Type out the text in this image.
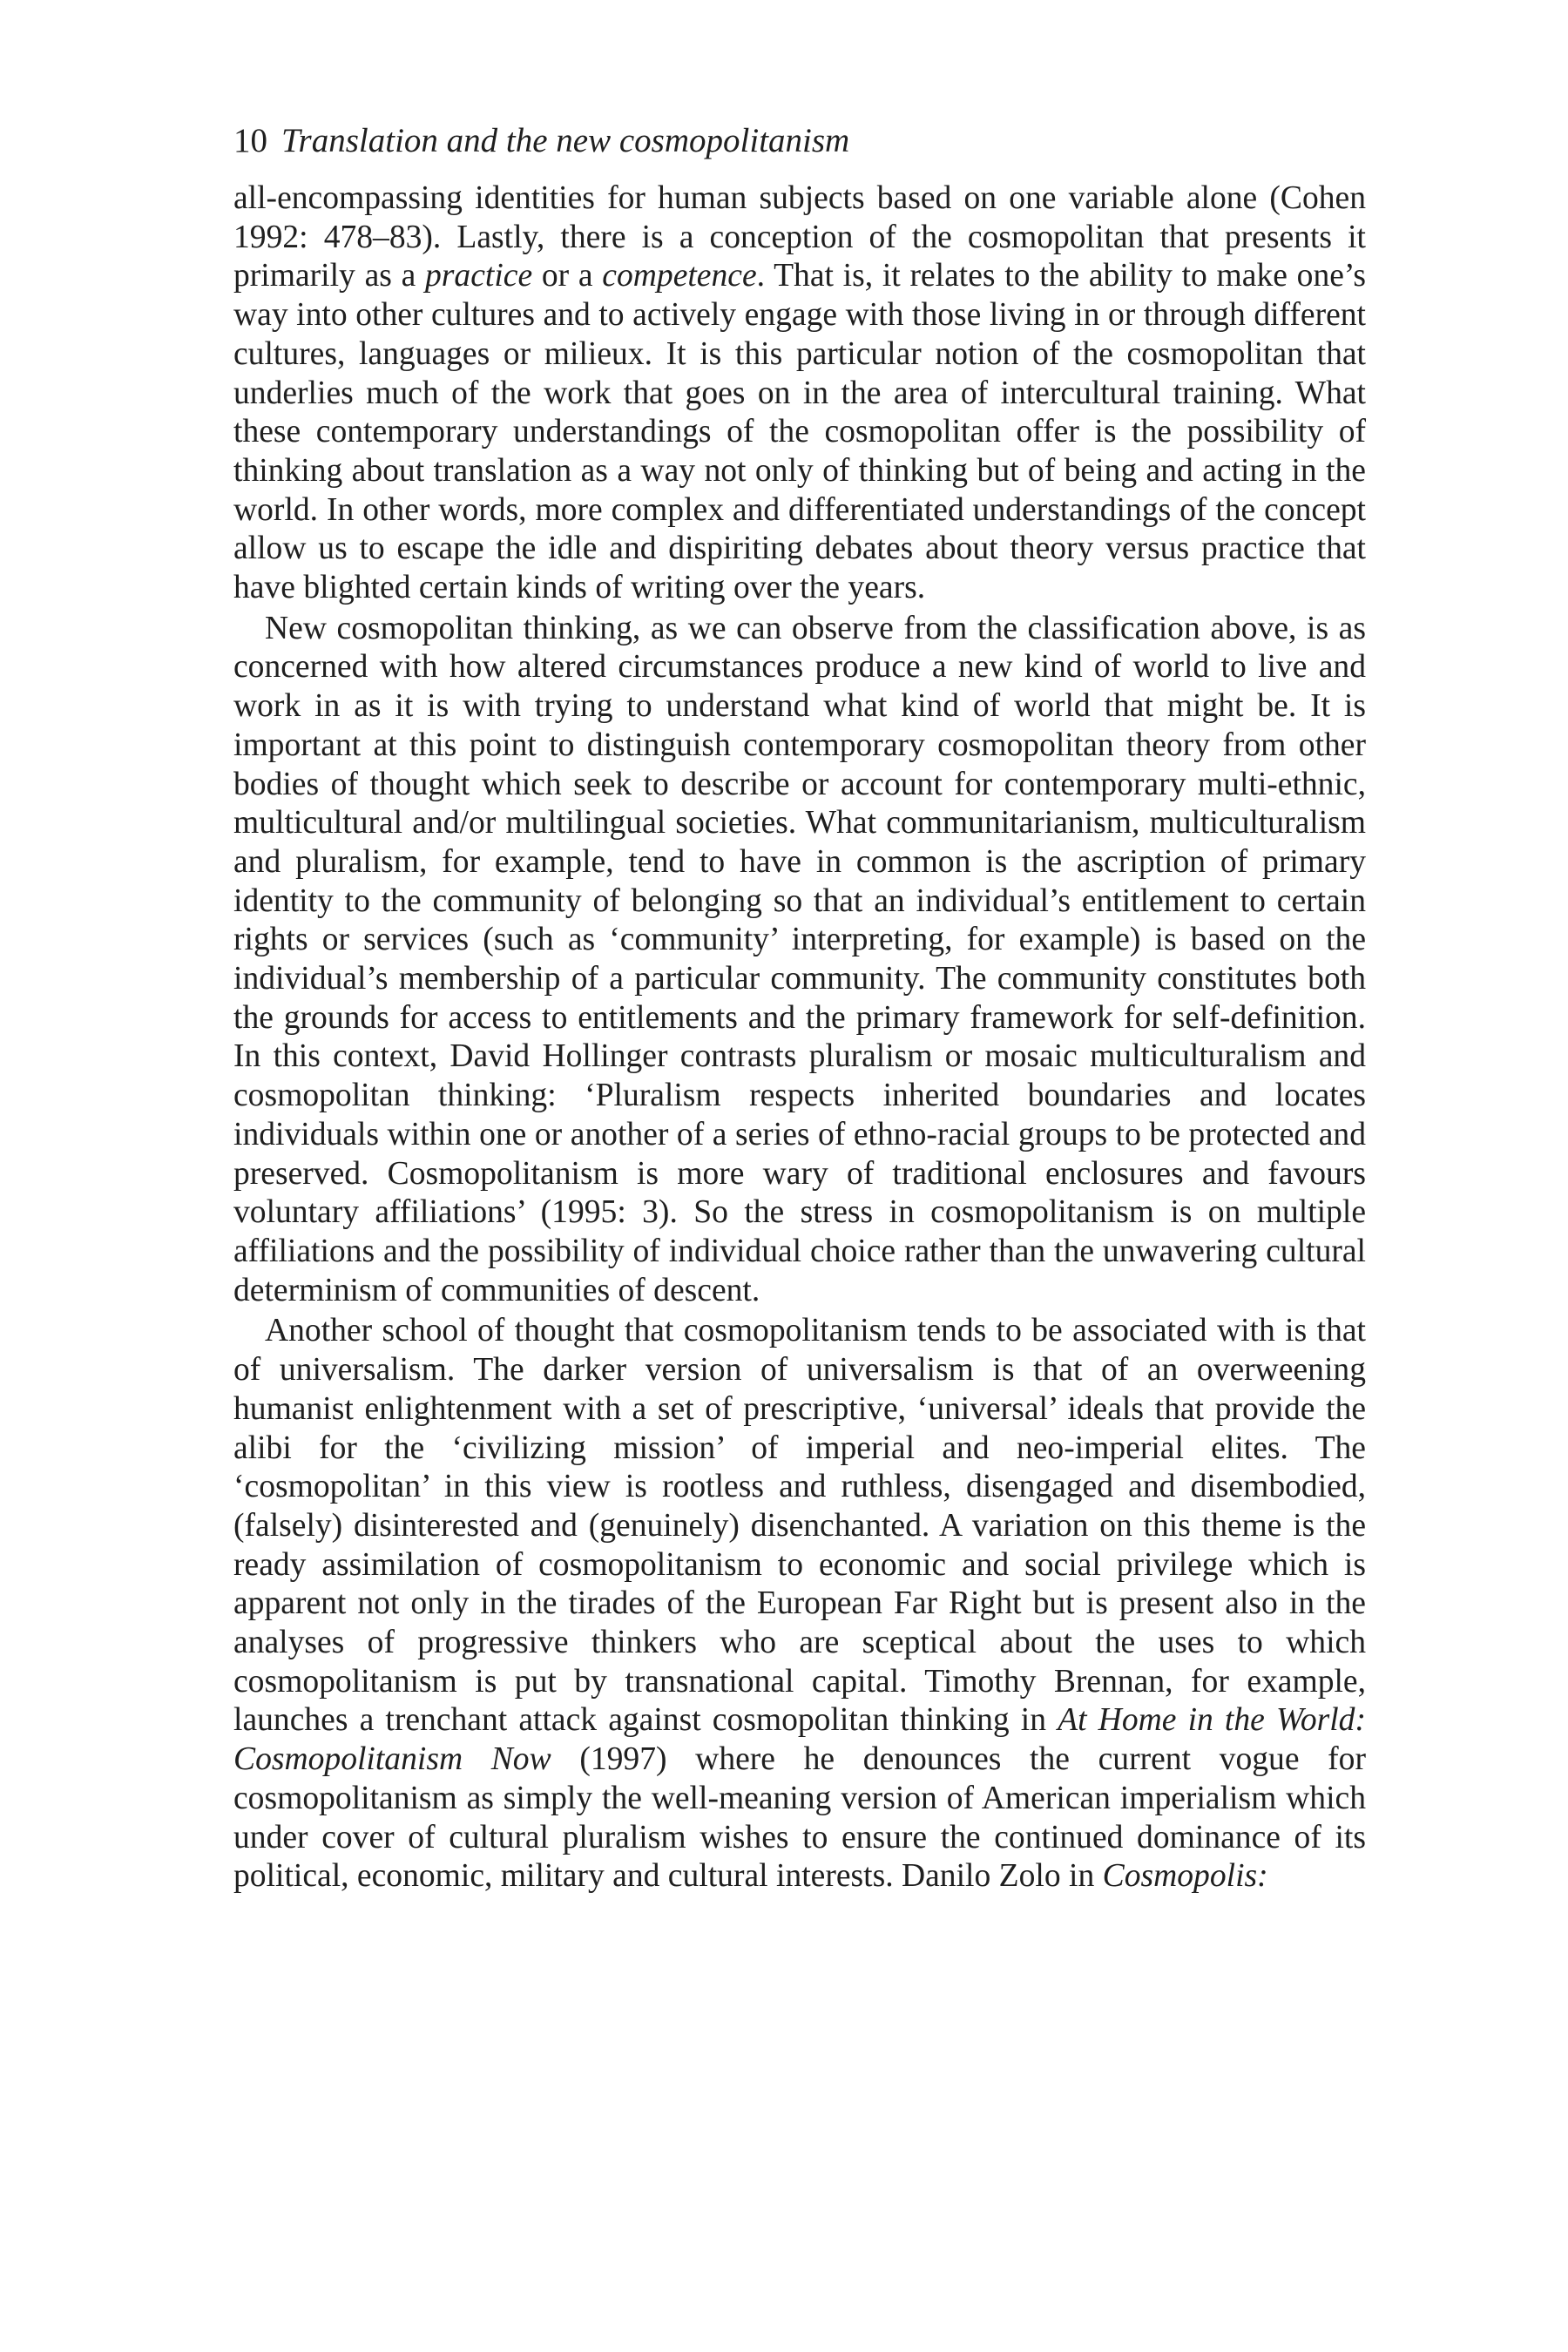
10 Translation and the new cosmopolitanism

all-encompassing identities for human subjects based on one variable alone (Cohen 1992: 478–83). Lastly, there is a conception of the cosmopolitan that presents it primarily as a practice or a competence. That is, it relates to the ability to make one’s way into other cultures and to actively engage with those living in or through different cultures, languages or milieux. It is this particular notion of the cosmopolitan that underlies much of the work that goes on in the area of intercultural training. What these contemporary understandings of the cosmopolitan offer is the possibility of thinking about translation as a way not only of thinking but of being and acting in the world. In other words, more complex and differentiated understandings of the concept allow us to escape the idle and dispiriting debates about theory versus practice that have blighted certain kinds of writing over the years.

New cosmopolitan thinking, as we can observe from the classification above, is as concerned with how altered circumstances produce a new kind of world to live and work in as it is with trying to understand what kind of world that might be. It is important at this point to distinguish contemporary cosmopolitan theory from other bodies of thought which seek to describe or account for contemporary multi-ethnic, multicultural and/or multilingual societies. What communitarianism, multiculturalism and pluralism, for example, tend to have in common is the ascription of primary identity to the community of belonging so that an individual’s entitlement to certain rights or services (such as ‘community’ interpreting, for example) is based on the individual’s membership of a particular community. The community constitutes both the grounds for access to entitlements and the primary framework for self-definition. In this context, David Hollinger contrasts pluralism or mosaic multiculturalism and cosmopolitan thinking: ‘Pluralism respects inherited boundaries and locates individuals within one or another of a series of ethno-racial groups to be protected and preserved. Cosmopolitanism is more wary of traditional enclosures and favours voluntary affiliations’ (1995: 3). So the stress in cosmopolitanism is on multiple affiliations and the possibility of individual choice rather than the unwavering cultural determinism of communities of descent.

Another school of thought that cosmopolitanism tends to be associated with is that of universalism. The darker version of universalism is that of an overweening humanist enlightenment with a set of prescriptive, ‘universal’ ideals that provide the alibi for the ‘civilizing mission’ of imperial and neo-imperial elites. The ‘cosmopolitan’ in this view is rootless and ruthless, disengaged and disembodied, (falsely) disinterested and (genuinely) disenchanted. A variation on this theme is the ready assimilation of cosmopolitanism to economic and social privilege which is apparent not only in the tirades of the European Far Right but is present also in the analyses of progressive thinkers who are sceptical about the uses to which cosmopolitanism is put by transnational capital. Timothy Brennan, for example, launches a trenchant attack against cosmopolitan thinking in At Home in the World: Cosmopolitanism Now (1997) where he denounces the current vogue for cosmopolitanism as simply the well-meaning version of American imperialism which under cover of cultural pluralism wishes to ensure the continued dominance of its political, economic, military and cultural interests. Danilo Zolo in Cosmopolis:
